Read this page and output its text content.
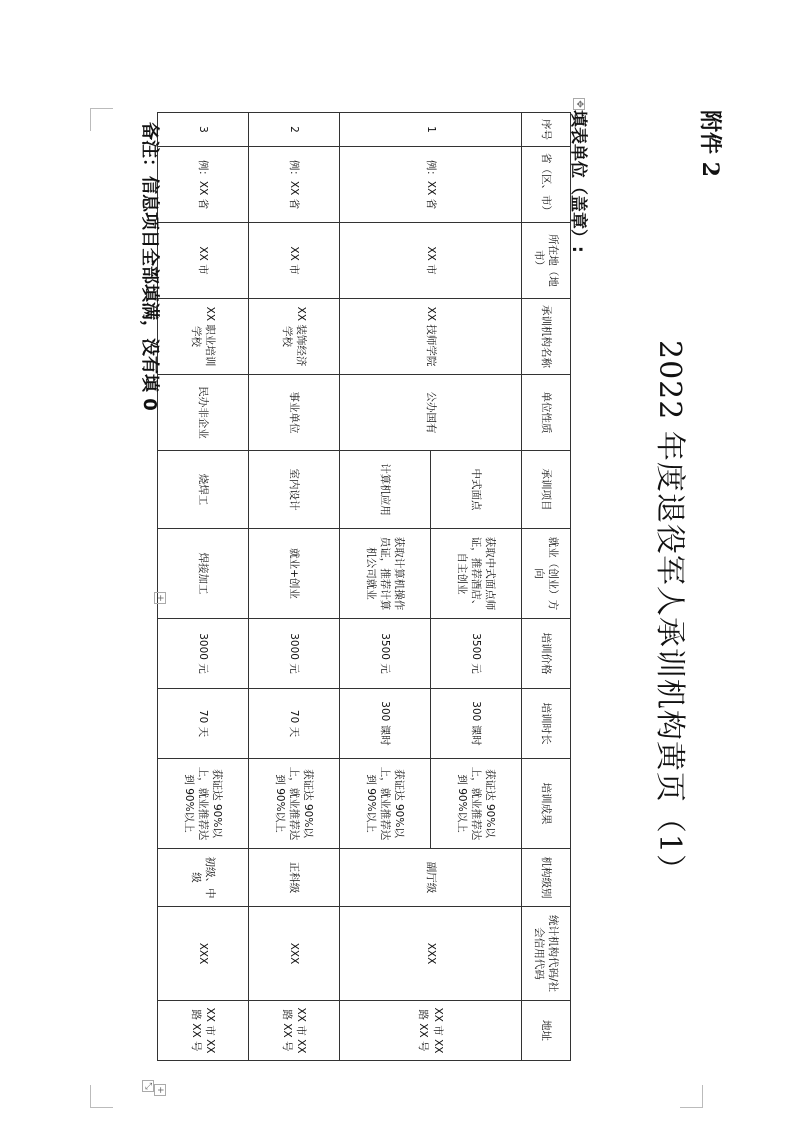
附件 2
2022 年度退役军人承训机构黄页（1）
填表单位（盖章）:
✥
序号	省（区、市）	所在地（地市）	承训机构名称	单位性质	承训项目	就业（创业）方向	培训价格	培训时长	培训成果	机构级别	统计机构代码/社会信用代码	地址
1	例：XX 省	XX 市	XX 技师学院	公办国有	中式面点	获取中式面点师证，推荐酒店、自主创业	3500 元	300 课时	获证达 90%以上，就业推荐达到 90%以上	副厅级	XXX	XX 市 XX 路 XX 号
					计算机应用	获取计算机操作员证，推荐计算机公司就业	3500 元	300 课时	获证达 90%以上，就业推荐达到 90%以上			
2	例：XX 省	XX 市	XX 装饰经济学校	事业单位	室内设计	就业+创业	3000 元	70 天	获证达 90%以上，就业推荐达到 90%以上	正科级	XXX	XX 市 XX 路 XX 号
3	例：XX 省	XX 市	XX 职业培训学校	民办非企业	烧焊工	焊接加工	3000 元	70 天	获证达 90%以上，就业推荐达到 90%以上	初级、中级	XXX	XX 市 XX 路 XX 号
+
+
⤡
备注：信息项目全部填满，没有填 0
